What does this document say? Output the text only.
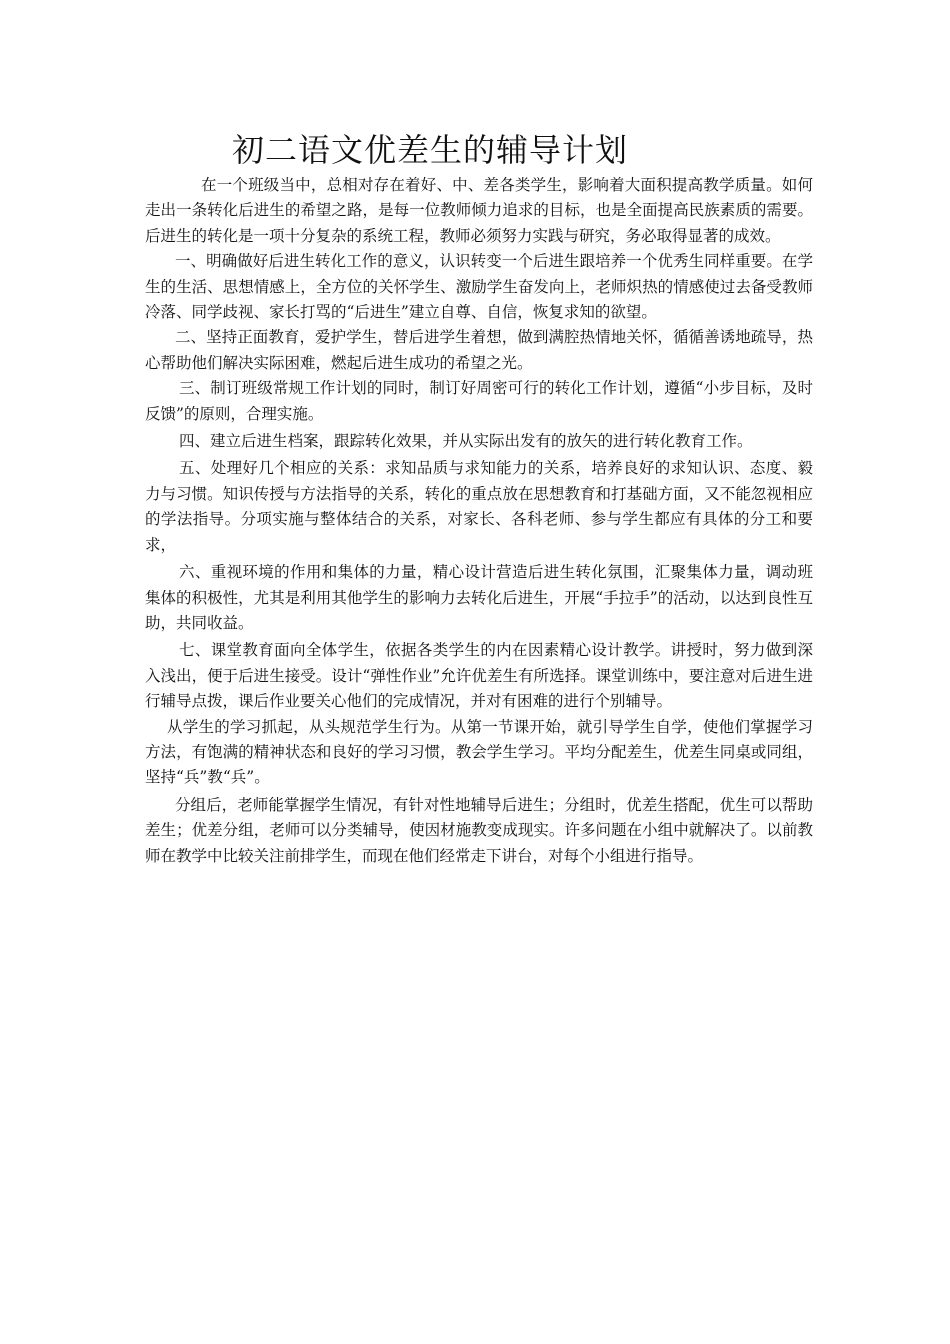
初二语文优差生的辅导计划

在一个班级当中，总相对存在着好、中、差各类学生，影响着大面积提高教学质量。如何走出一条转化后进生的希望之路，是每一位教师倾力追求的目标，也是全面提高民族素质的需要。后进生的转化是一项十分复杂的系统工程，教师必须努力实践与研究，务必取得显著的成效。

一、明确做好后进生转化工作的意义，认识转变一个后进生跟培养一个优秀生同样重要。在学生的生活、思想情感上，全方位的关怀学生、激励学生奋发向上，老师炽热的情感使过去备受教师冷落、同学歧视、家长打骂的“后进生”建立自尊、自信，恢复求知的欲望。

二、坚持正面教育，爱护学生，替后进学生着想，做到满腔热情地关怀，循循善诱地疏导，热心帮助他们解决实际困难，燃起后进生成功的希望之光。

三、制订班级常规工作计划的同时，制订好周密可行的转化工作计划，遵循“小步目标，及时反馈”的原则，合理实施。

四、建立后进生档案，跟踪转化效果，并从实际出发有的放矢的进行转化教育工作。

五、处理好几个相应的关系：求知品质与求知能力的关系，培养良好的求知认识、态度、毅力与习惯。知识传授与方法指导的关系，转化的重点放在思想教育和打基础方面，又不能忽视相应的学法指导。分项实施与整体结合的关系，对家长、各科老师、参与学生都应有具体的分工和要求，

六、重视环境的作用和集体的力量，精心设计营造后进生转化氛围，汇聚集体力量，调动班集体的积极性，尤其是利用其他学生的影响力去转化后进生，开展“手拉手”的活动，以达到良性互助，共同收益。

七、课堂教育面向全体学生，依据各类学生的内在因素精心设计教学。讲授时，努力做到深入浅出，便于后进生接受。设计“弹性作业”允许优差生有所选择。课堂训练中，要注意对后进生进行辅导点拨，课后作业要关心他们的完成情况，并对有困难的进行个别辅导。

从学生的学习抓起，从头规范学生行为。从第一节课开始，就引导学生自学，使他们掌握学习方法，有饱满的精神状态和良好的学习习惯，教会学生学习。平均分配差生，优差生同桌或同组，坚持“兵”教“兵”。

分组后，老师能掌握学生情况，有针对性地辅导后进生；分组时，优差生搭配，优生可以帮助差生；优差分组，老师可以分类辅导，使因材施教变成现实。许多问题在小组中就解决了。以前教师在教学中比较关注前排学生，而现在他们经常走下讲台，对每个小组进行指导。
